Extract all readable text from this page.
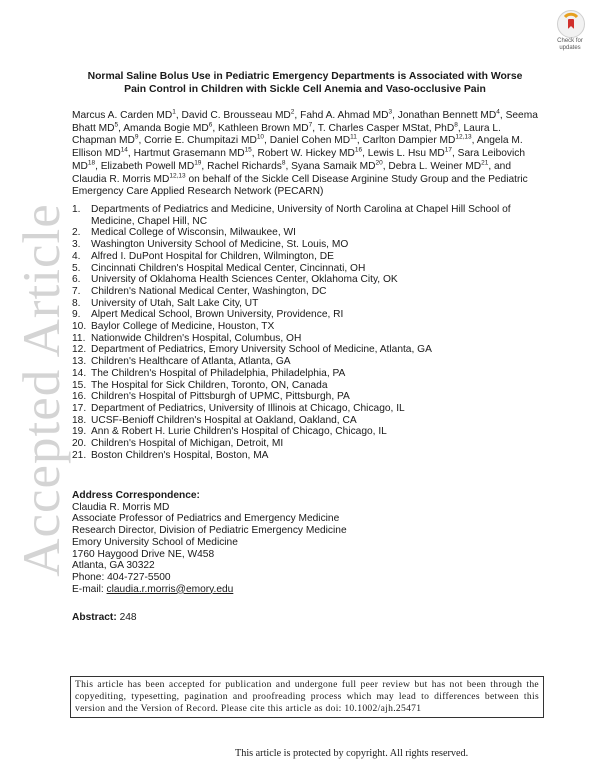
Accepted Article
Check for
updates
Normal Saline Bolus Use in Pediatric Emergency Departments is Associated with Worse
Pain Control in Children with Sickle Cell Anemia and Vaso-occlusive Pain
Marcus A. Carden $MD^1$, David C. Brousseau $MD^2$, Fahd A. Ahmad $MD^3$, Jonathan Bennett $MD^4$, Seema Bhatt $MD^5$, Amanda Bogie $MD^6$, Kathleen Brown $MD^7$, T. Charles Casper MStat, PhD$^8$, Laura L. Chapman $MD^9$, Corrie E. Chumpitazi MD$^{10}$, Daniel Cohen MD$^{11}$, Carlton Dampier MD$^{12,13}$, Angela M. Ellison MD$^{14}$, Hartmut Grasemann MD$^{15}$, Robert W. Hickey MD$^{16}$, Lewis L. Hsu MD$^{17}$, Sara Leibovich MD$^{18}$, Elizabeth Powell MD$^{19}$, Rachel Richards$^8$, Syana Samaik MD$^{20}$, Debra L. Weiner MD$^{21}$, and Claudia R. Morris MD$^{12,13}$ on behalf of the Sickle Cell Disease Arginine Study Group and the Pediatric Emergency Care Applied Research Network (PECARN)
1.	Departments of Pediatrics and Medicine, University of North Carolina at Chapel Hill School of Medicine, Chapel Hill, NC
2.	Medical College of Wisconsin, Milwaukee, WI
3.	Washington University School of Medicine, St. Louis, MO
4.	Alfred I. DuPont Hospital for Children, Wilmington, DE
5.	Cincinnati Children's Hospital Medical Center, Cincinnati, OH
6.	University of Oklahoma Health Sciences Center, Oklahoma City, OK
7.	Children's National Medical Center, Washington, DC
8.	University of Utah, Salt Lake City, UT
9.	Alpert Medical School, Brown University, Providence, RI
10. Baylor College of Medicine, Houston, TX
11. Nationwide Children's Hospital, Columbus, OH
12. Department of Pediatrics, Emory University School of Medicine, Atlanta, GA
13. Children's Healthcare of Atlanta, Atlanta, GA
14. The Children's Hospital of Philadelphia, Philadelphia, PA
15. The Hospital for Sick Children, Toronto, ON, Canada
16. Children's Hospital of Pittsburgh of UPMC, Pittsburgh, PA
17. Department of Pediatrics, University of Illinois at Chicago, Chicago, IL
18. UCSF-Benioff Children's Hospital at Oakland, Oakland, CA
19. Ann & Robert H. Lurie Children's Hospital of Chicago, Chicago, IL
20. Children's Hospital of Michigan, Detroit, MI
21. Boston Children's Hospital, Boston, MA
Address Correspondence:
Claudia R. Morris MD
Associate Professor of Pediatrics and Emergency Medicine
Research Director, Division of Pediatric Emergency Medicine
Emory University School of Medicine
1760 Haygood Drive NE, W458
Atlanta, GA 30322
Phone: 404-727-5500
E-mail: claudia.r.morris@emory.edu
Abstract: 248
This article has been accepted for publication and undergone full peer review but has not been through the copyediting, typesetting, pagination and proofreading process which may lead to differences between this version and the Version of Record. Please cite this article as doi: 10.1002/ajh.25471
This article is protected by copyright. All rights reserved.
